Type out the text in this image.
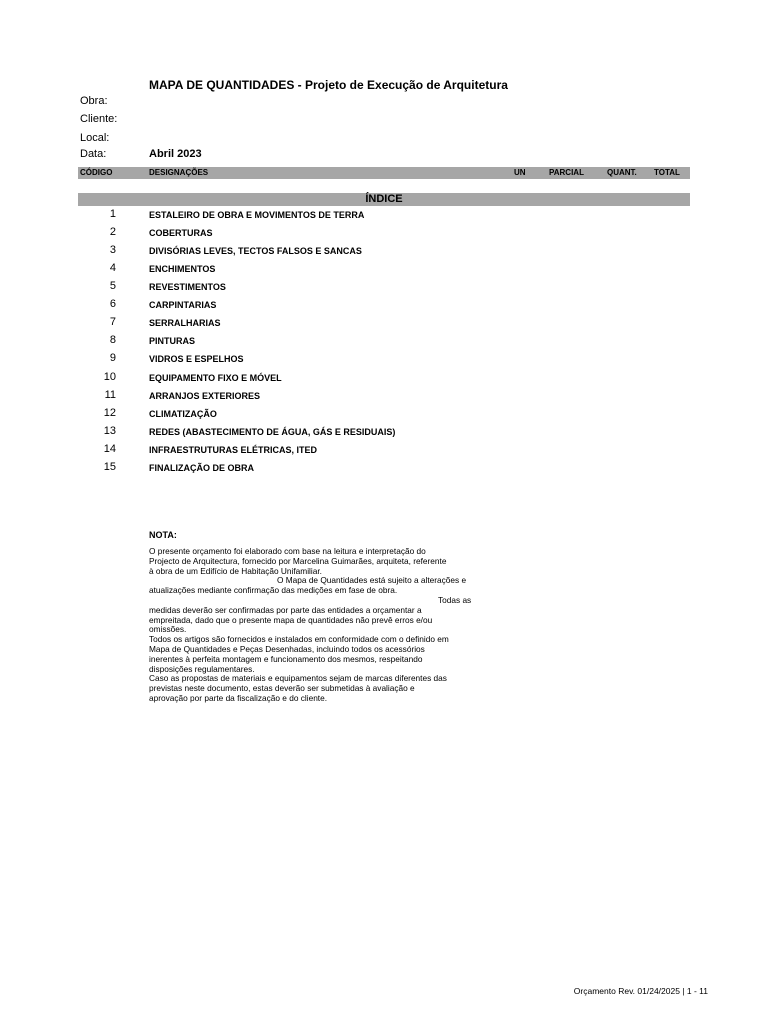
MAPA DE QUANTIDADES - Projeto de Execução de Arquitetura
Obra:
Cliente:
Local:
Data:	Abril 2023
CÓDIGO	DESIGNAÇÕES	UN	PARCIAL	QUANT. TOTAL
ÍNDICE
1	ESTALEIRO DE OBRA E MOVIMENTOS DE TERRA
2	COBERTURAS
3	DIVISÓRIAS LEVES, TECTOS FALSOS E SANCAS
4	ENCHIMENTOS
5	REVESTIMENTOS
6	CARPINTARIAS
7	SERRALHARIAS
8	PINTURAS
9	VIDROS E ESPELHOS
10	EQUIPAMENTO FIXO E MÓVEL
11	ARRANJOS EXTERIORES
12	CLIMATIZAÇÃO
13	REDES (ABASTECIMENTO DE ÁGUA, GÁS E RESIDUAIS)
14	INFRAESTRUTURAS ELÉTRICAS, ITED
15	FINALIZAÇÃO DE OBRA
NOTA:

O presente orçamento foi elaborado com base na leitura e interpretação do

Projecto de Arquitectura, fornecido por Marcelina Guimarães, arquiteta, referente

à obra de um Edifício de Habitação Unifamiliar.

O Mapa de Quantidades está sujeito a alterações e

atualizações mediante confirmação das medições em fase de obra.

Todas as

medidas deverão ser confirmadas por parte das entidades a orçamentar a

empreitada, dado que o presente mapa de quantidades não prevê erros e/ou

omissões.

Todos os artigos são fornecidos e instalados em conformidade com o definido em

Mapa de Quantidades e Peças Desenhadas, incluindo todos os acessórios

inerentes à perfeita montagem e funcionamento dos mesmos, respeitando

disposições regulamentares.

Caso as propostas de materiais e equipamentos sejam de marcas diferentes das

previstas neste documento, estas deverão ser submetidas à avaliação e

aprovação por parte da fiscalização e do cliente.

Orçamento Rev. 01/24/2025 | 1 - 11
